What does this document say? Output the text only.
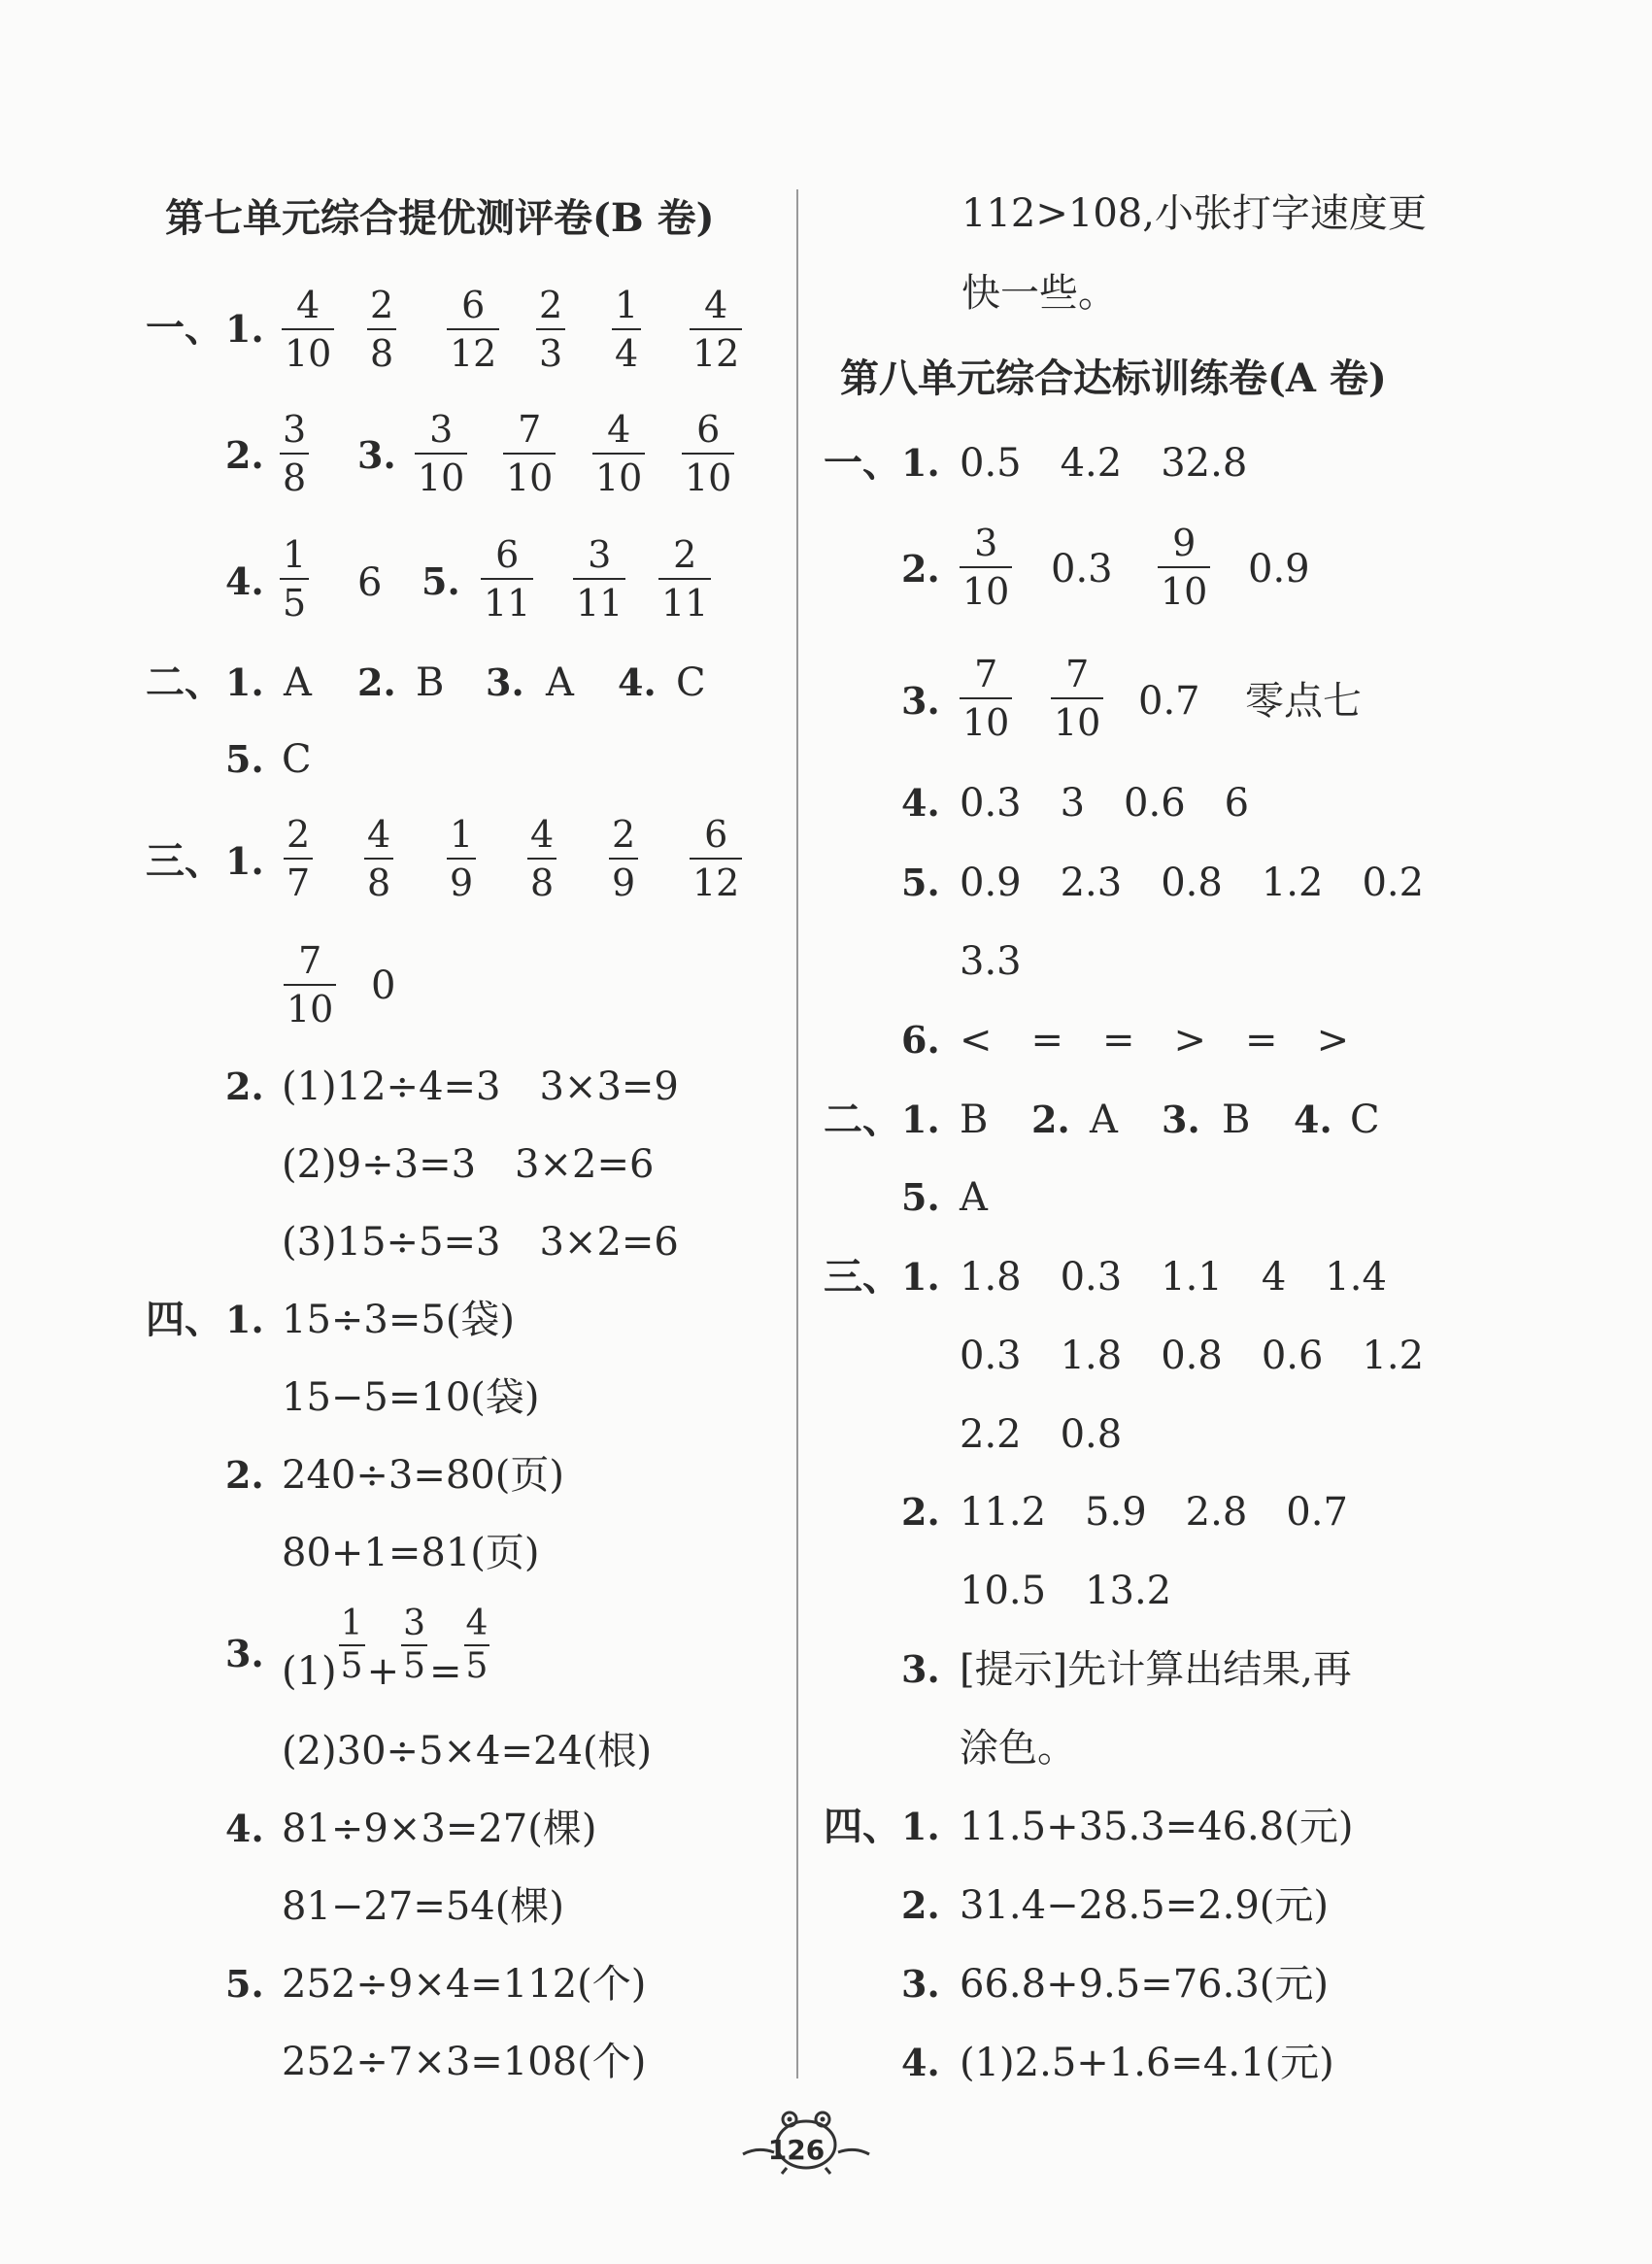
第七单元综合提优测评卷(B 卷)
一、 1.
4
10
2
8
6
12
2
3
1
4
4
12
2.
3
8
3.
3
10
7
10
4
10
6
10
4.
1
5 6 5.
6
11
3
11
2
11
二、 1. A 2. B 3. A 4. C
5. C
三、 1.
2
7
4
8
1
9
4
8
2
9
6
12
7
10
0
2. (1)12÷4=3　3×3=9
(2)9÷3=3　3×2=6
(3)15÷5=3　3×2=6
四、 1. 15÷3=5(袋)
15−5=10(袋)
2. 240÷3=80(页)
80+1=81(页)
3. $(1) \frac{1}{5} + \frac{3}{5} = \frac{4}{5}$
(2)30÷5×4=24(根)
4. 81÷9×3=27(棵)
81−27=54(棵)
5. 252÷9×4=112(个)
252÷7×3=108(个)
112>108,小张打字速度更
快一些。
第八单元综合达标训练卷(A 卷)
一、 1. 0.5　4.2　32.8
2.
3
10 0.3
9
10 0.9
3.
7
10
7
10 0.7 零点七
4. 0.3　3　0.6　6
5. 0.9　2.3　0.8　1.2　0.2
3.3
6. <　=　=　>　=　>
二、 1. B 2. A 3. B 4. C
5. A
三、 1. 1.8　0.3　1.1　4　1.4
0.3　1.8　0.8　0.6　1.2
2.2　0.8
2. 11.2　5.9　2.8　0.7
10.5　13.2
3. [提示]先计算出结果,再
涂色。
四、 1. 11.5+35.3=46.8(元)
2. 31.4−28.5=2.9(元)
3. 66.8+9.5=76.3(元)
4. (1)2.5+1.6=4.1(元)
126
